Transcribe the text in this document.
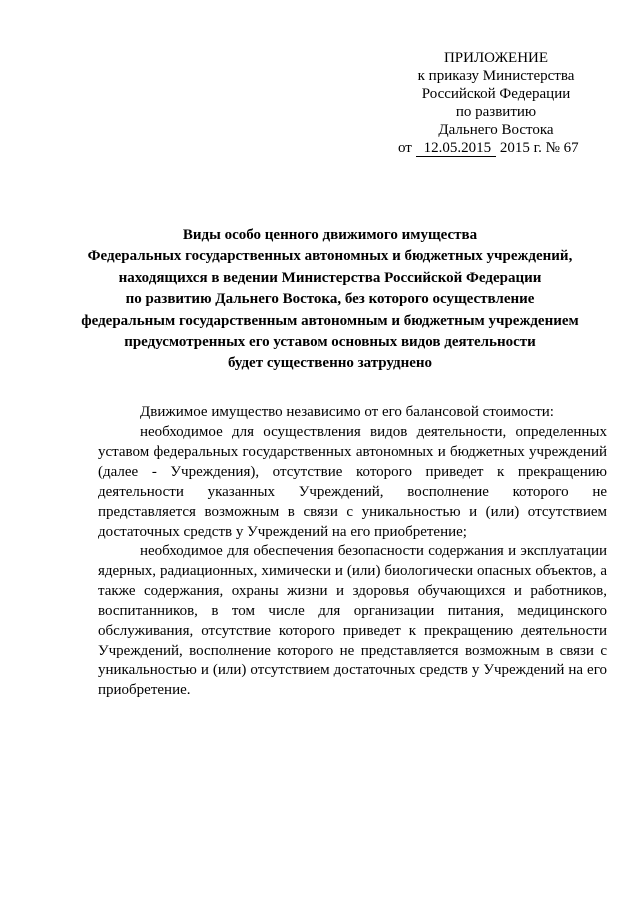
ПРИЛОЖЕНИЕ
к приказу Министерства
Российской Федерации
по развитию
Дальнего Востока
от 12.05.2015 2015 г. № 67
Виды особо ценного движимого имущества
Федеральных государственных автономных и бюджетных учреждений,
находящихся в ведении Министерства Российской Федерации
по развитию Дальнего Востока, без которого осуществление
федеральным государственным автономным и бюджетным учреждением
предусмотренных его уставом основных видов деятельности
будет существенно затруднено
Движимое имущество независимо от его балансовой стоимости:
необходимое для осуществления видов деятельности, определенных уставом федеральных государственных автономных и бюджетных учреждений (далее - Учреждения), отсутствие которого приведет к прекращению деятельности указанных Учреждений, восполнение которого не представляется возможным в связи с уникальностью и (или) отсутствием достаточных средств у Учреждений на его приобретение;
необходимое для обеспечения безопасности содержания и эксплуатации ядерных, радиационных, химически и (или) биологически опасных объектов, а также содержания, охраны жизни и здоровья обучающихся и работников, воспитанников, в том числе для организации питания, медицинского обслуживания, отсутствие которого приведет к прекращению деятельности Учреждений, восполнение которого не представляется возможным в связи с уникальностью и (или) отсутствием достаточных средств у Учреждений на его приобретение.
